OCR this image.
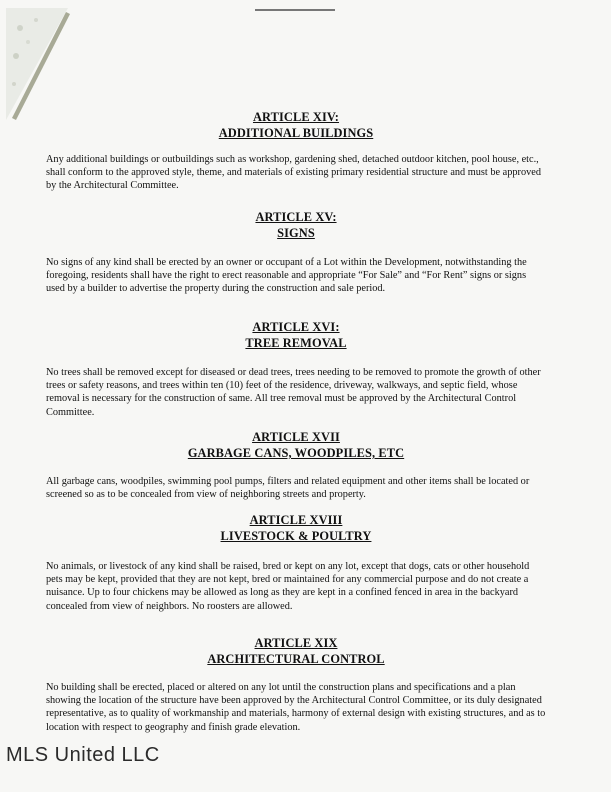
ARTICLE XIV:
ADDITIONAL BUILDINGS
Any additional buildings or outbuildings such as workshop, gardening shed, detached outdoor kitchen, pool house, etc., shall conform to the approved style, theme, and materials of existing primary residential structure and must be approved by the Architectural Committee.
ARTICLE XV:
SIGNS
No signs of any kind shall be erected by an owner or occupant of a Lot within the Development, notwithstanding the foregoing, residents shall have the right to erect reasonable and appropriate “For Sale” and “For Rent” signs or signs used by a builder to advertise the property during the construction and sale period.
ARTICLE XVI:
TREE REMOVAL
No trees shall be removed except for diseased or dead trees, trees needing to be removed to promote the growth of other trees or safety reasons, and trees within ten (10) feet of the residence, driveway, walkways, and septic field, whose removal is necessary for the construction of same. All tree removal must be approved by the Architectural Control Committee.
ARTICLE XVII
GARBAGE CANS, WOODPILES, ETC
All garbage cans, woodpiles, swimming pool pumps, filters and related equipment and other items shall be located or screened so as to be concealed from view of neighboring streets and property.
ARTICLE XVIII
LIVESTOCK & POULTRY
No animals, or livestock of any kind shall be raised, bred or kept on any lot, except that dogs, cats or other household pets may be kept, provided that they are not kept, bred or maintained for any commercial purpose and do not create a nuisance. Up to four chickens may be allowed as long as they are kept in a confined fenced in area in the backyard concealed from view of neighbors. No roosters are allowed.
ARTICLE XIX
ARCHITECTURAL CONTROL
No building shall be erected, placed or altered on any lot until the construction plans and specifications and a plan showing the location of the structure have been approved by the Architectural Control Committee, or its duly designated representative, as to quality of workmanship and materials, harmony of external design with existing structures, and as to location with respect to geography and finish grade elevation.
MLS United LLC
